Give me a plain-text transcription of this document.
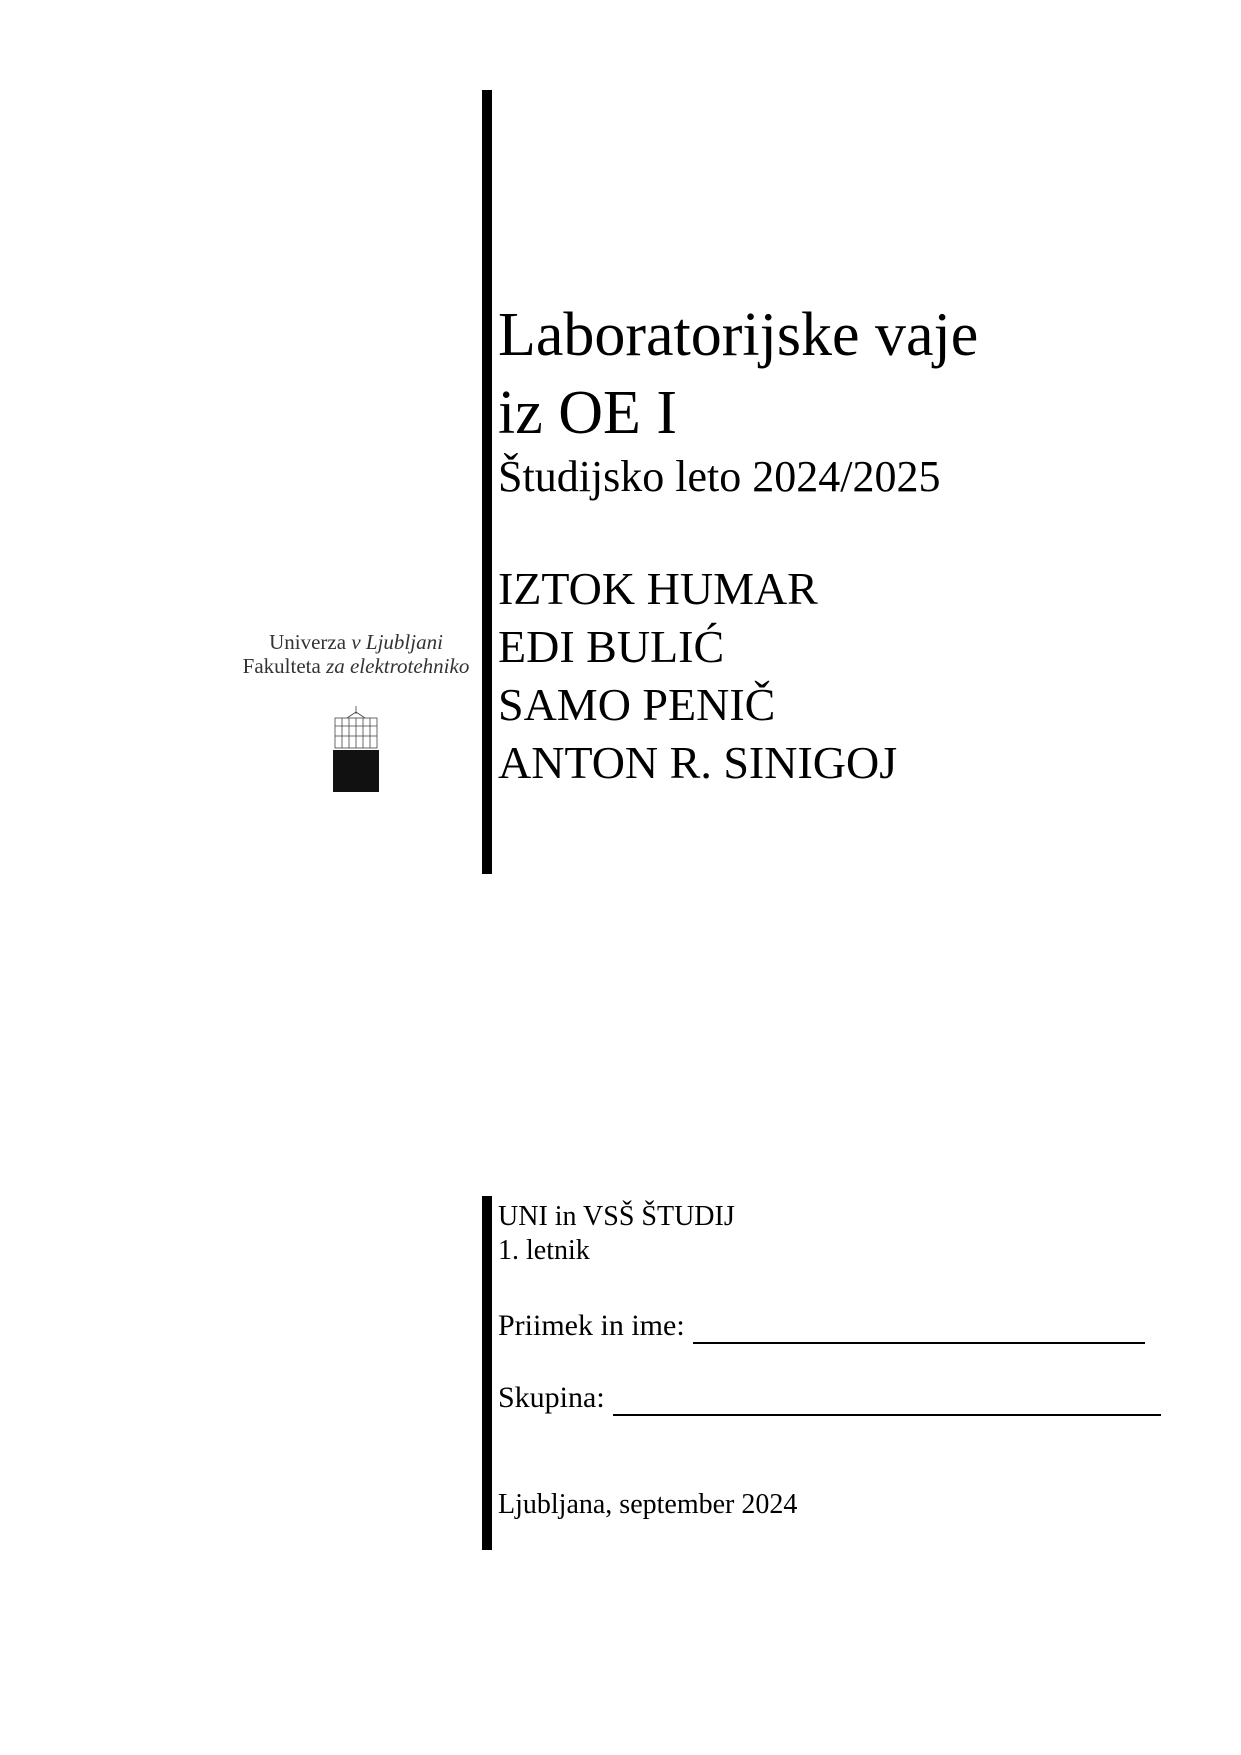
Laboratorijske vaje
iz OE I
Študijsko leto 2024/2025
IZTOK HUMAR
EDI BULIĆ
SAMO PENIČ
ANTON R. SINIGOJ
Univerza v Ljubljani
Fakulteta za elektrotehniko
UNI in VSŠ ŠTUDIJ
1. letnik
Priimek in ime:
Skupina:
Ljubljana, september 2024
